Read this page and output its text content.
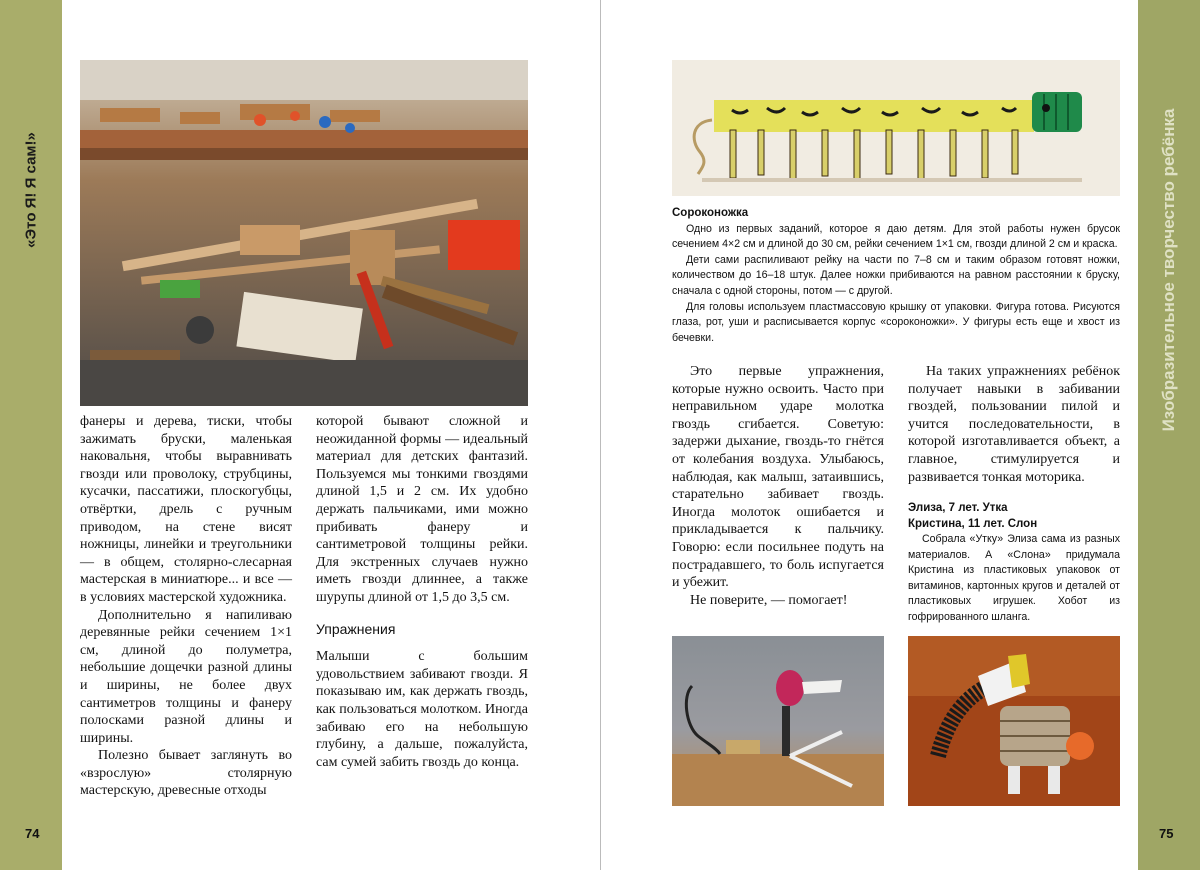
«Это Я! Я сам!»
74
Изобразительное творчество ребёнка
75

фанеры и дерева, тиски, чтобы зажимать бруски, маленькая наковальня, чтобы выравнивать гвозди или проволоку, струбцины, кусачки, пассатижи, плоскогубцы, отвёртки, дрель с ручным приводом, на стене висят ножницы, линейки и треугольники — в общем, столярно-слесарная мастерская в миниатюре... и все — в условиях мастерской художника.

Дополнительно я напиливаю деревянные рейки сечением 1×1 см, длиной до полуметра, небольшие дощечки разной длины и ширины, не более двух сантиметров толщины и фанеру полосками разной длины и ширины.

Полезно бывает заглянуть во «взрослую» столярную мастерскую, древесные отходы

которой бывают сложной и неожиданной формы — идеальный материал для детских фантазий. Пользуемся мы тонкими гвоздями длиной 1,5 и 2 см. Их удобно держать пальчиками, ими можно прибивать фанеру и сантиметровой толщины рейки. Для экстренных случаев нужно иметь гвозди длиннее, а также шурупы длиной от 1,5 до 3,5 см.

Упражнения

Малыши с большим удовольствием забивают гвозди. Я показываю им, как держать гвоздь, как пользоваться молотком. Иногда забиваю его на небольшую глубину, а дальше, пожалуйста, сам сумей забить гвоздь до конца.

Сороконожка

Одно из первых заданий, которое я даю детям. Для этой работы нужен брусок сечением 4×2 см и длиной до 30 см, рейки сечением 1×1 см, гвозди длиной 2 см и краска.

Дети сами распиливают рейку на части по 7–8 см и таким образом готовят ножки, количеством до 16–18 штук. Далее ножки прибиваются на равном расстоянии к бруску, сначала с одной стороны, потом — с другой.

Для головы используем пластмассовую крышку от упаковки. Фигура готова. Рисуются глаза, рот, уши и расписывается корпус «сороконожки». У фигуры есть еще и хвост из бечевки.

Это первые упражнения, которые нужно освоить. Часто при неправильном ударе молотка гвоздь сгибается. Советую: задержи дыхание, гвоздь-то гнётся от колебания воздуха. Улыбаюсь, наблюдая, как малыш, затаившись, старательно забивает гвоздь. Иногда молоток ошибается и прикладывается к пальчику. Говорю: если посильнее подуть на пострадавшего, то боль испугается и убежит.

Не поверите, — помогает!

На таких упражнениях ребёнок получает навыки в забивании гвоздей, пользовании пилой и учится последовательности, в которой изготавливается объект, а главное, стимулируется и развивается тонкая моторика.

Элиза, 7 лет. Утка
Кристина, 11 лет. Слон

Собрала «Утку» Элиза сама из разных материалов. А «Слона» придумала Кристина из пластиковых упаковок от витаминов, картонных кругов и деталей от пластиковых игрушек. Хобот из гофрированного шланга.
